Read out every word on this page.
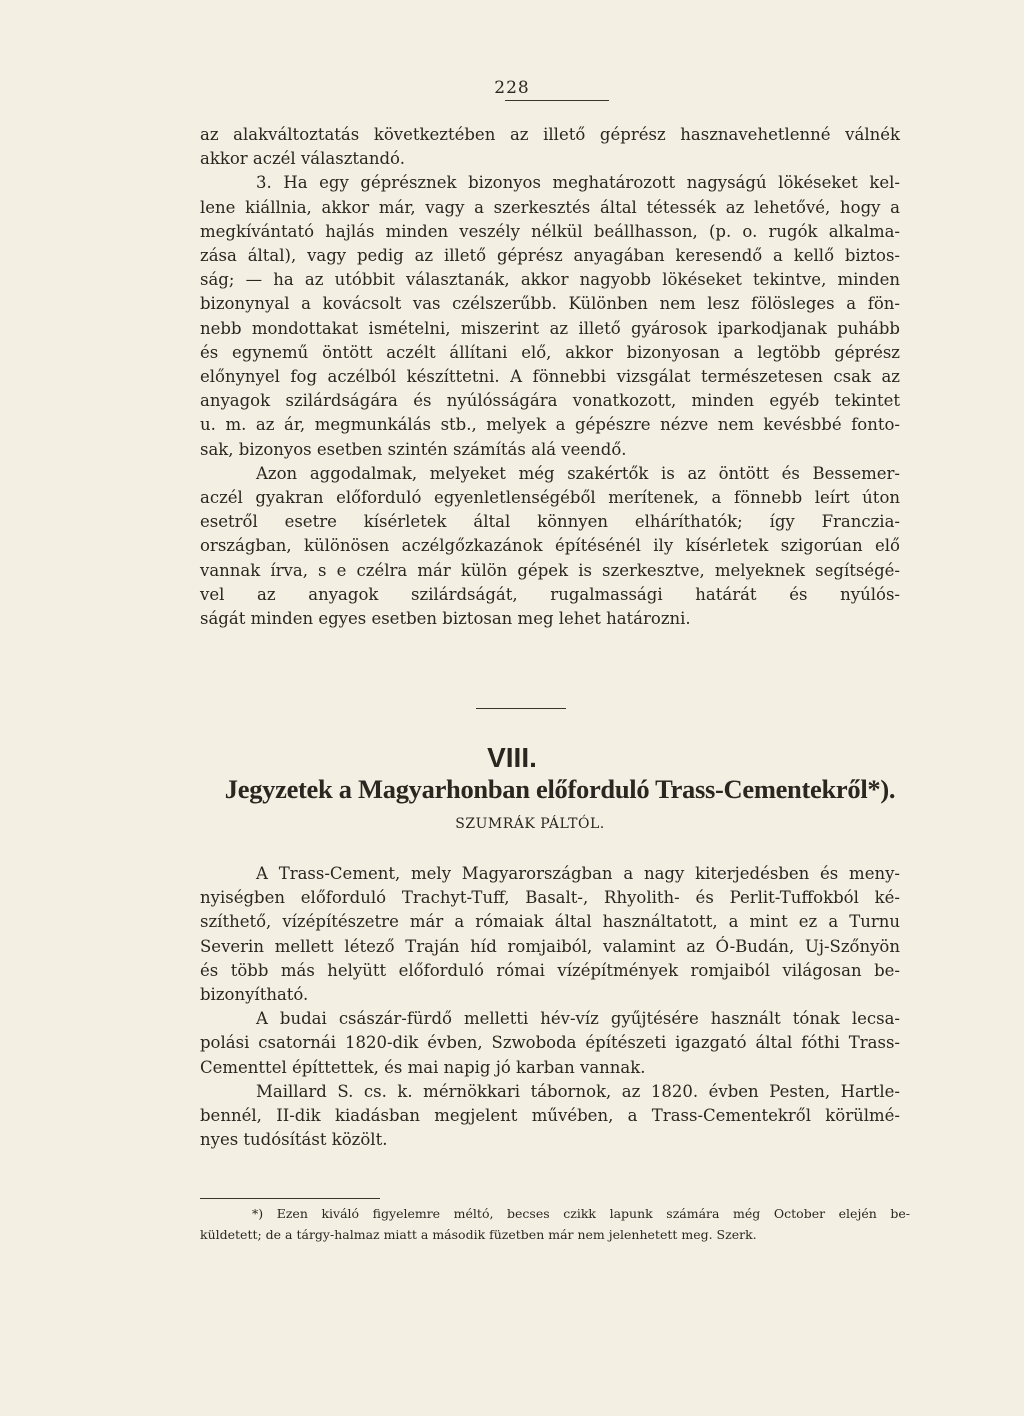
228
az alakváltoztatás következtében az illető géprész hasznavehetlenné válnék
akkor aczél választandó.
3. Ha egy géprésznek bizonyos meghatározott nagyságú lökéseket kel-
lene kiállnia, akkor már, vagy a szerkesztés által tétessék az lehetővé, hogy a
megkívántató hajlás minden veszély nélkül beállhasson, (p. o. rugók alkalma-
zása által), vagy pedig az illető géprész anyagában keresendő a kellő biztos-
ság; — ha az utóbbit választanák, akkor nagyobb lökéseket tekintve, minden
bizonynyal a kovácsolt vas czélszerűbb. Különben nem lesz fölösleges a fön-
nebb mondottakat ismételni, miszerint az illető gyárosok iparkodjanak puhább
és egynemű öntött aczélt állítani elő, akkor bizonyosan a legtöbb géprész
előnynyel fog aczélból készíttetni. A fönnebbi vizsgálat természetesen csak az
anyagok szilárdságára és nyúlósságára vonatkozott, minden egyéb tekintet
u. m. az ár, megmunkálás stb., melyek a gépészre nézve nem kevésbbé fonto-
sak, bizonyos esetben szintén számítás alá veendő.
Azon aggodalmak, melyeket még szakértők is az öntött és Bessemer-
aczél gyakran előforduló egyenletlenségéből merítenek, a fönnebb leírt úton
esetről esetre kísérletek által könnyen elháríthatók; így Franczia-
országban, különösen aczélgőzkazánok építésénél ily kísérletek szigorúan elő
vannak írva, s e czélra már külön gépek is szerkesztve, melyeknek segítségé-
vel az anyagok szilárdságát, rugalmassági határát és nyúlós-
ságát minden egyes esetben biztosan meg lehet határozni.
VIII.
Jegyzetek a Magyarhonban előforduló Trass-Cementekről*).
SZUMRÁK PÁLTÓL.
A Trass-Cement, mely Magyarországban a nagy kiterjedésben és meny-
nyiségben előforduló Trachyt-Tuff, Basalt-, Rhyolith- és Perlit-Tuffokból ké-
szíthető, vízépítészetre már a rómaiak által használtatott, a mint ez a Turnu
Severin mellett létező Traján híd romjaiból, valamint az Ó-Budán, Uj-Szőnyön
és több más helyütt előforduló római vízépítmények romjaiból világosan be-
bizonyítható.
A budai császár-fürdő melletti hév-víz gyűjtésére használt tónak lecsa-
polási csatornái 1820-dik évben, Szwoboda építészeti igazgató által fóthi Trass-
Cementtel építtettek, és mai napig jó karban vannak.
Maillard S. cs. k. mérnökkari tábornok, az 1820. évben Pesten, Hartle-
bennél, II-dik kiadásban megjelent művében, a Trass-Cementekről körülmé-
nyes tudósítást közölt.
*) Ezen kiváló figyelemre méltó, becses czikk lapunk számára még October elején be-
küldetett; de a tárgy-halmaz miatt a második füzetben már nem jelenhetett meg. Szerk.
